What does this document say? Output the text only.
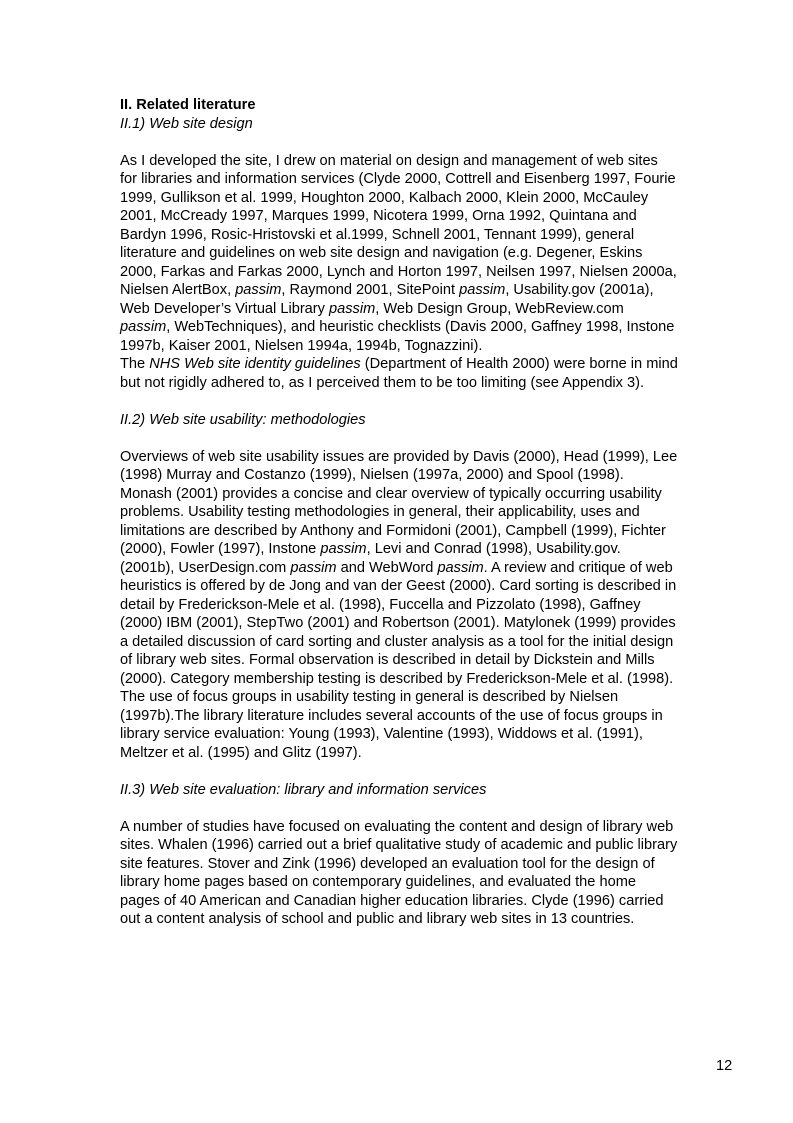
II. Related literature
II.1) Web site design

As I developed the site, I drew on material on design and management of web sites
for libraries and information services (Clyde 2000, Cottrell and Eisenberg 1997, Fourie
1999, Gullikson et al. 1999, Houghton 2000, Kalbach 2000, Klein 2000, McCauley
2001, McCready 1997, Marques 1999, Nicotera 1999, Orna 1992, Quintana and
Bardyn 1996, Rosic-Hristovski et al.1999, Schnell 2001, Tennant 1999), general
literature and guidelines on web site design and navigation (e.g. Degener, Eskins
2000, Farkas and Farkas 2000, Lynch and Horton 1997, Neilsen 1997, Nielsen 2000a,
Nielsen AlertBox, passim, Raymond 2001, SitePoint passim, Usability.gov (2001a),
Web Developer’s Virtual Library passim, Web Design Group, WebReview.com
passim, WebTechniques), and heuristic checklists (Davis 2000, Gaffney 1998, Instone
1997b, Kaiser 2001, Nielsen 1994a, 1994b, Tognazzini).
The NHS Web site identity guidelines (Department of Health 2000) were borne in mind
but not rigidly adhered to, as I perceived them to be too limiting (see Appendix 3).

II.2) Web site usability: methodologies

Overviews of web site usability issues are provided by Davis (2000), Head (1999), Lee
(1998) Murray and Costanzo (1999), Nielsen (1997a, 2000) and Spool (1998).
Monash (2001) provides a concise and clear overview of typically occurring usability
problems. Usability testing methodologies in general, their applicability, uses and
limitations are described by Anthony and Formidoni (2001), Campbell (1999), Fichter
(2000), Fowler (1997), Instone passim, Levi and Conrad (1998), Usability.gov.
(2001b), UserDesign.com passim and WebWord passim. A review and critique of web
heuristics is offered by de Jong and van der Geest (2000). Card sorting is described in
detail by Frederickson-Mele et al. (1998), Fuccella and Pizzolato (1998), Gaffney
(2000) IBM (2001), StepTwo (2001) and Robertson (2001). Matylonek (1999) provides
a detailed discussion of card sorting and cluster analysis as a tool for the initial design
of library web sites. Formal observation is described in detail by Dickstein and Mills
(2000). Category membership testing is described by Frederickson-Mele et al. (1998).
The use of focus groups in usability testing in general is described by Nielsen
(1997b).The library literature includes several accounts of the use of focus groups in
library service evaluation: Young (1993), Valentine (1993), Widdows et al. (1991),
Meltzer et al. (1995) and Glitz (1997).

II.3) Web site evaluation: library and information services

A number of studies have focused on evaluating the content and design of library web
sites. Whalen (1996) carried out a brief qualitative study of academic and public library
site features. Stover and Zink (1996) developed an evaluation tool for the design of
library home pages based on contemporary guidelines, and evaluated the home
pages of 40 American and Canadian higher education libraries. Clyde (1996) carried
out a content analysis of school and public and library web sites in 13 countries.

12
